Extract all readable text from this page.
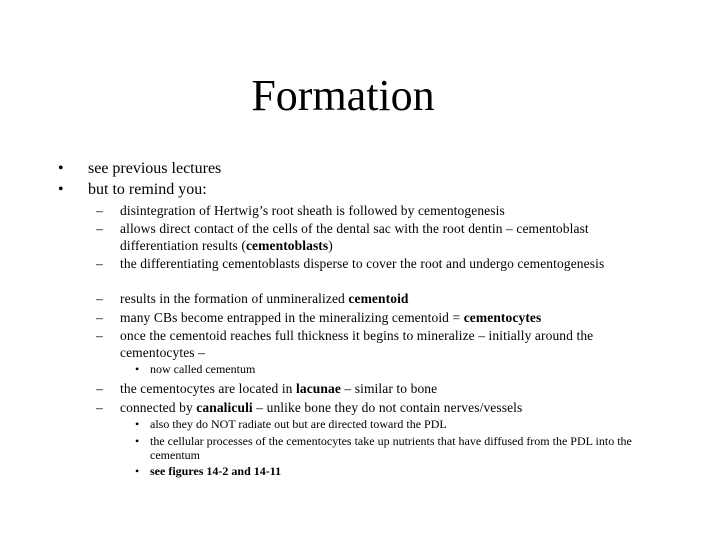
Formation
•	see previous lectures
•	but to remind you:
– disintegration of Hertwig’s root sheath is followed by cementogenesis
– allows direct contact of the cells of the dental sac with the root dentin – cementoblast differentiation results (cementoblasts)
– the differentiating cementoblasts disperse to cover the root and undergo cementogenesis
– results in the formation of unmineralized cementoid
– many CBs become entrapped in the mineralizing cementoid = cementocytes
– once the cementoid reaches full thickness it begins to mineralize – initially around the cementocytes –
• now called cementum
– the cementocytes are located in lacunae – similar to bone
– connected by canaliculi – unlike bone they do not contain nerves/vessels
• also they do NOT radiate out but are directed toward the PDL
• the cellular processes of the cementocytes take up nutrients that have diffused from the PDL into the cementum
• see figures 14-2 and 14-11
